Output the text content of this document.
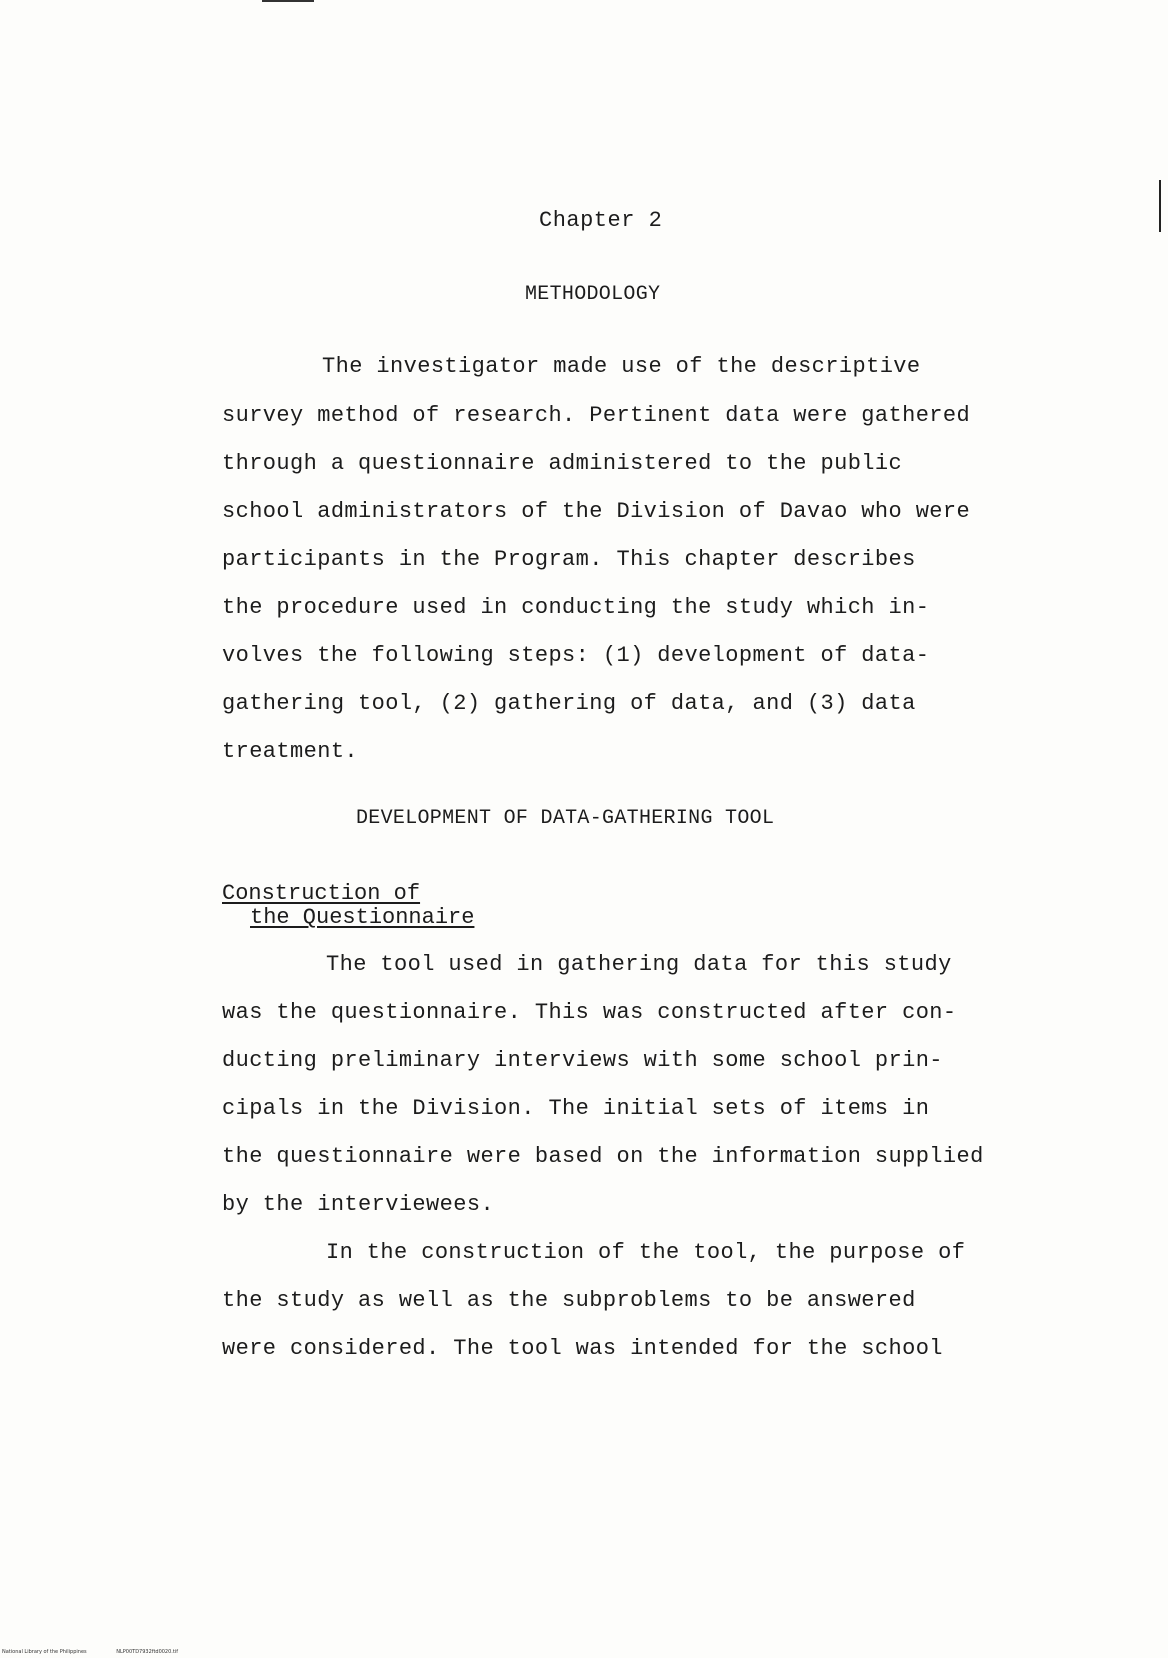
Chapter 2
METHODOLOGY
The investigator made use of the descriptive
survey method of research. Pertinent data were gathered
through a questionnaire administered to the public
school administrators of the Division of Davao who were
participants in the Program. This chapter describes
the procedure used in conducting the study which in-
volves the following steps: (1) development of data-
gathering tool, (2) gathering of data, and (3) data
treatment.
DEVELOPMENT OF DATA-GATHERING TOOL
Construction of
the Questionnaire
The tool used in gathering data for this study
was the questionnaire. This was constructed after con-
ducting preliminary interviews with some school prin-
cipals in the Division. The initial sets of items in
the questionnaire were based on the information supplied
by the interviewees.
In the construction of the tool, the purpose of
the study as well as the subproblems to be answered
were considered. The tool was intended for the school
National Library of the Philippines	NLP00TD7932ftd0020.tif
